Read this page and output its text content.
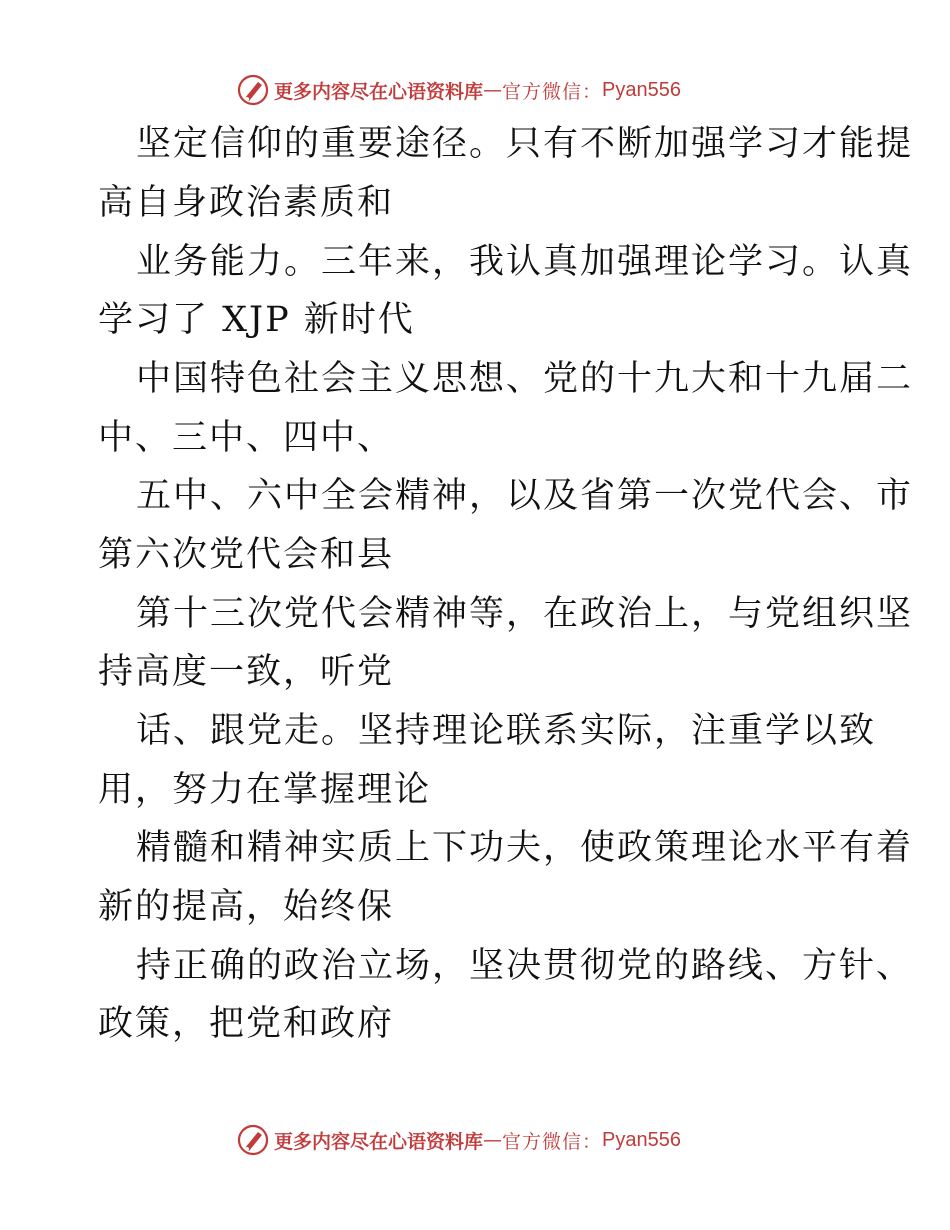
更多内容尽在心语资料库 — 官方微信： Pyan556
坚定信仰的重要途径。只有不断加强学习才能提
高自身政治素质和
业务能力。三年来，我认真加强理论学习。认真
学习了 XJP 新时代
中国特色社会主义思想、党的十九大和十九届二
中、三中、四中、
五中、六中全会精神，以及省第一次党代会、市
第六次党代会和县
第十三次党代会精神等，在政治上，与党组织坚
持高度一致，听党
话、跟党走。坚持理论联系实际，注重学以致
用，努力在掌握理论
精髓和精神实质上下功夫，使政策理论水平有着
新的提高，始终保
持正确的政治立场，坚决贯彻党的路线、方针、
政策，把党和政府
更多内容尽在心语资料库 — 官方微信： Pyan556
